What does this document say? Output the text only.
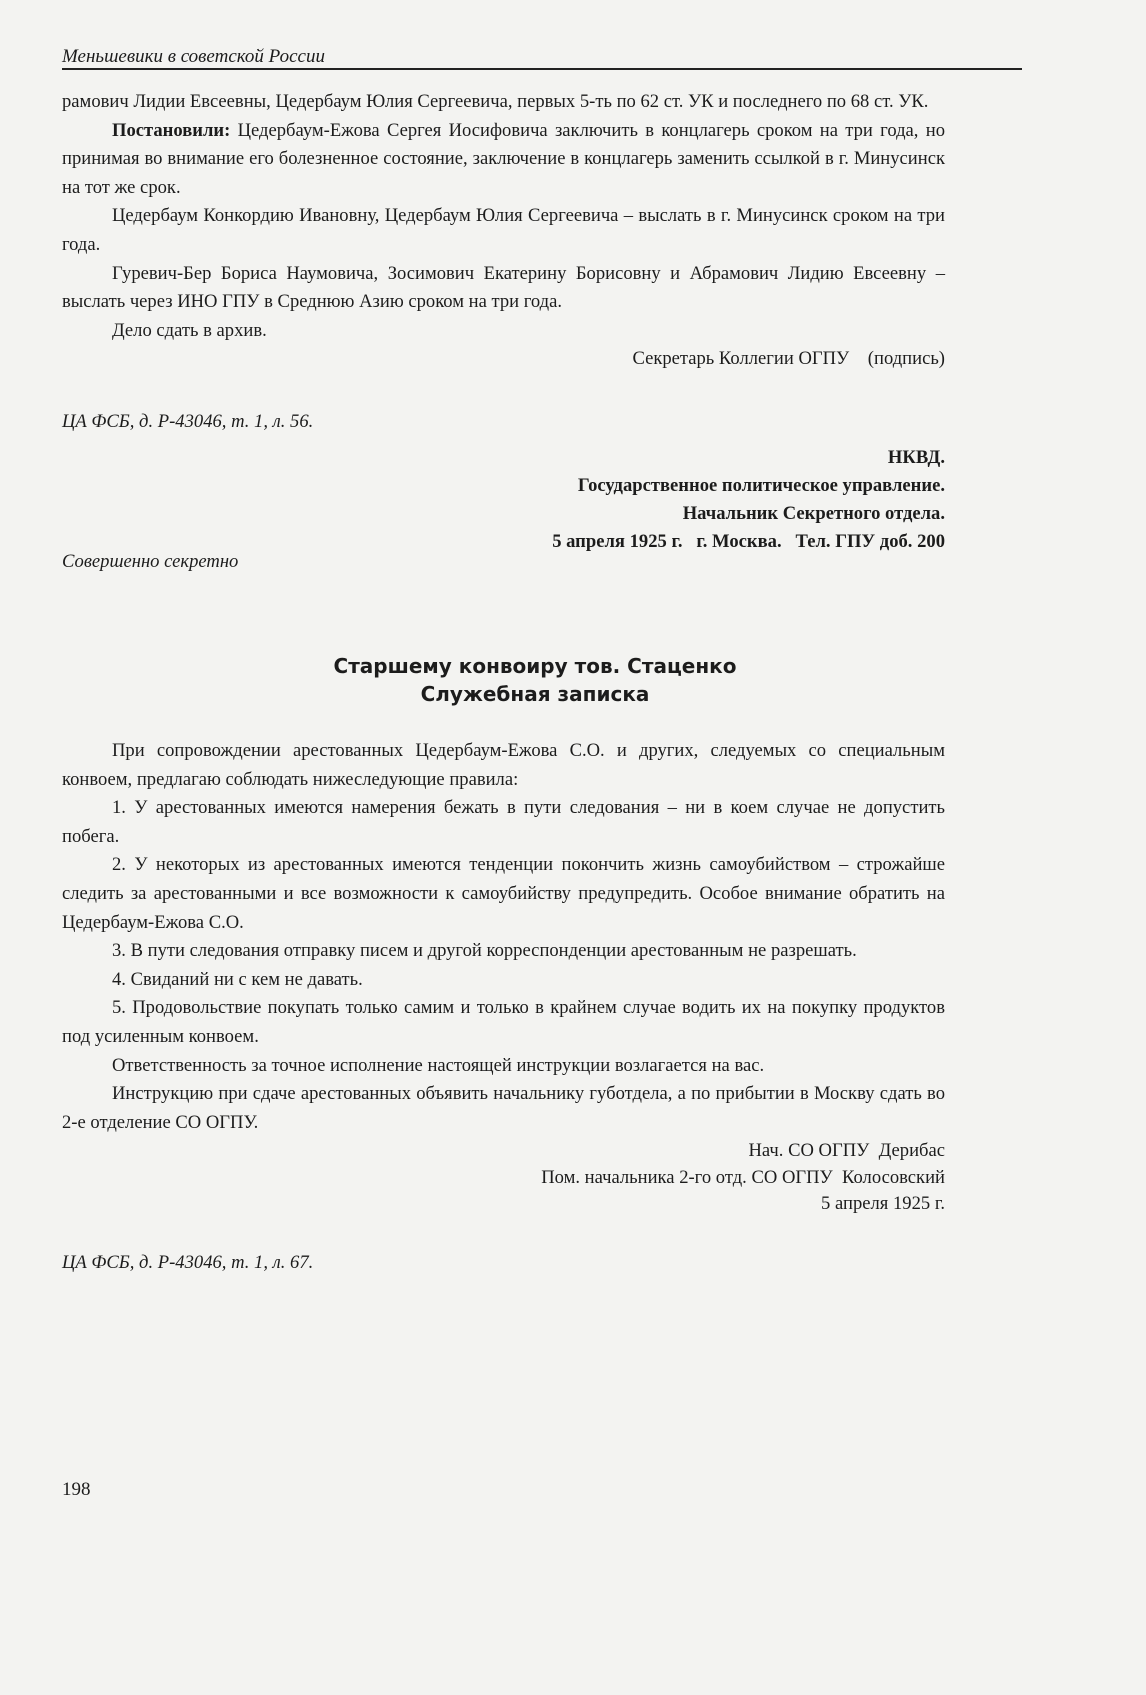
Меньшевики в советской России

рамович Лидии Евсеевны, Цедербаум Юлия Сергеевича, первых 5-ть по 62 ст. УК и последнего по 68 ст. УК.

Постановили: Цедербаум-Ежова Сергея Иосифовича заключить в концлагерь сроком на три года, но принимая во внимание его болезненное состояние, заключение в концлагерь заменить ссылкой в г. Минусинск на тот же срок.

Цедербаум Конкордию Ивановну, Цедербаум Юлия Сергеевича – выслать в г. Минусинск сроком на три года.

Гуревич-Бер Бориса Наумовича, Зосимович Екатерину Борисовну и Абрамович Лидию Евсеевну – выслать через ИНО ГПУ в Среднюю Азию сроком на три года.

Дело сдать в архив.

Секретарь Коллегии ОГПУ    (подпись)
ЦА ФСБ, д. Р-43046, т. 1, л. 56.
НКВД.
Государственное политическое управление.
Начальник Секретного отдела.
5 апреля 1925 г.   г. Москва.   Тел. ГПУ доб. 200
Совершенно секретно
Старшему конвоиру тов. Стаценко
Служебная записка

При сопровождении арестованных Цедербаум-Ежова С.О. и других, следуемых со специальным конвоем, предлагаю соблюдать нижеследующие правила:

1. У арестованных имеются намерения бежать в пути следования – ни в коем случае не допустить побега.

2. У некоторых из арестованных имеются тенденции покончить жизнь самоубийством – строжайше следить за арестованными и все возможности к самоубийству предупредить. Особое внимание обратить на Цедербаум-Ежова С.О.

3. В пути следования отправку писем и другой корреспонденции арестованным не разрешать.

4. Свиданий ни с кем не давать.

5. Продовольствие покупать только самим и только в крайнем случае водить их на покупку продуктов под усиленным конвоем.

Ответственность за точное исполнение настоящей инструкции возлагается на вас.

Инструкцию при сдаче арестованных объявить начальнику губотдела, а по прибытии в Москву сдать во 2-е отделение СО ОГПУ.

Нач. СО ОГПУ  Дерибас
Пом. начальника 2-го отд. СО ОГПУ  Колосовский
5 апреля 1925 г.
ЦА ФСБ, д. Р-43046, т. 1, л. 67.
198
